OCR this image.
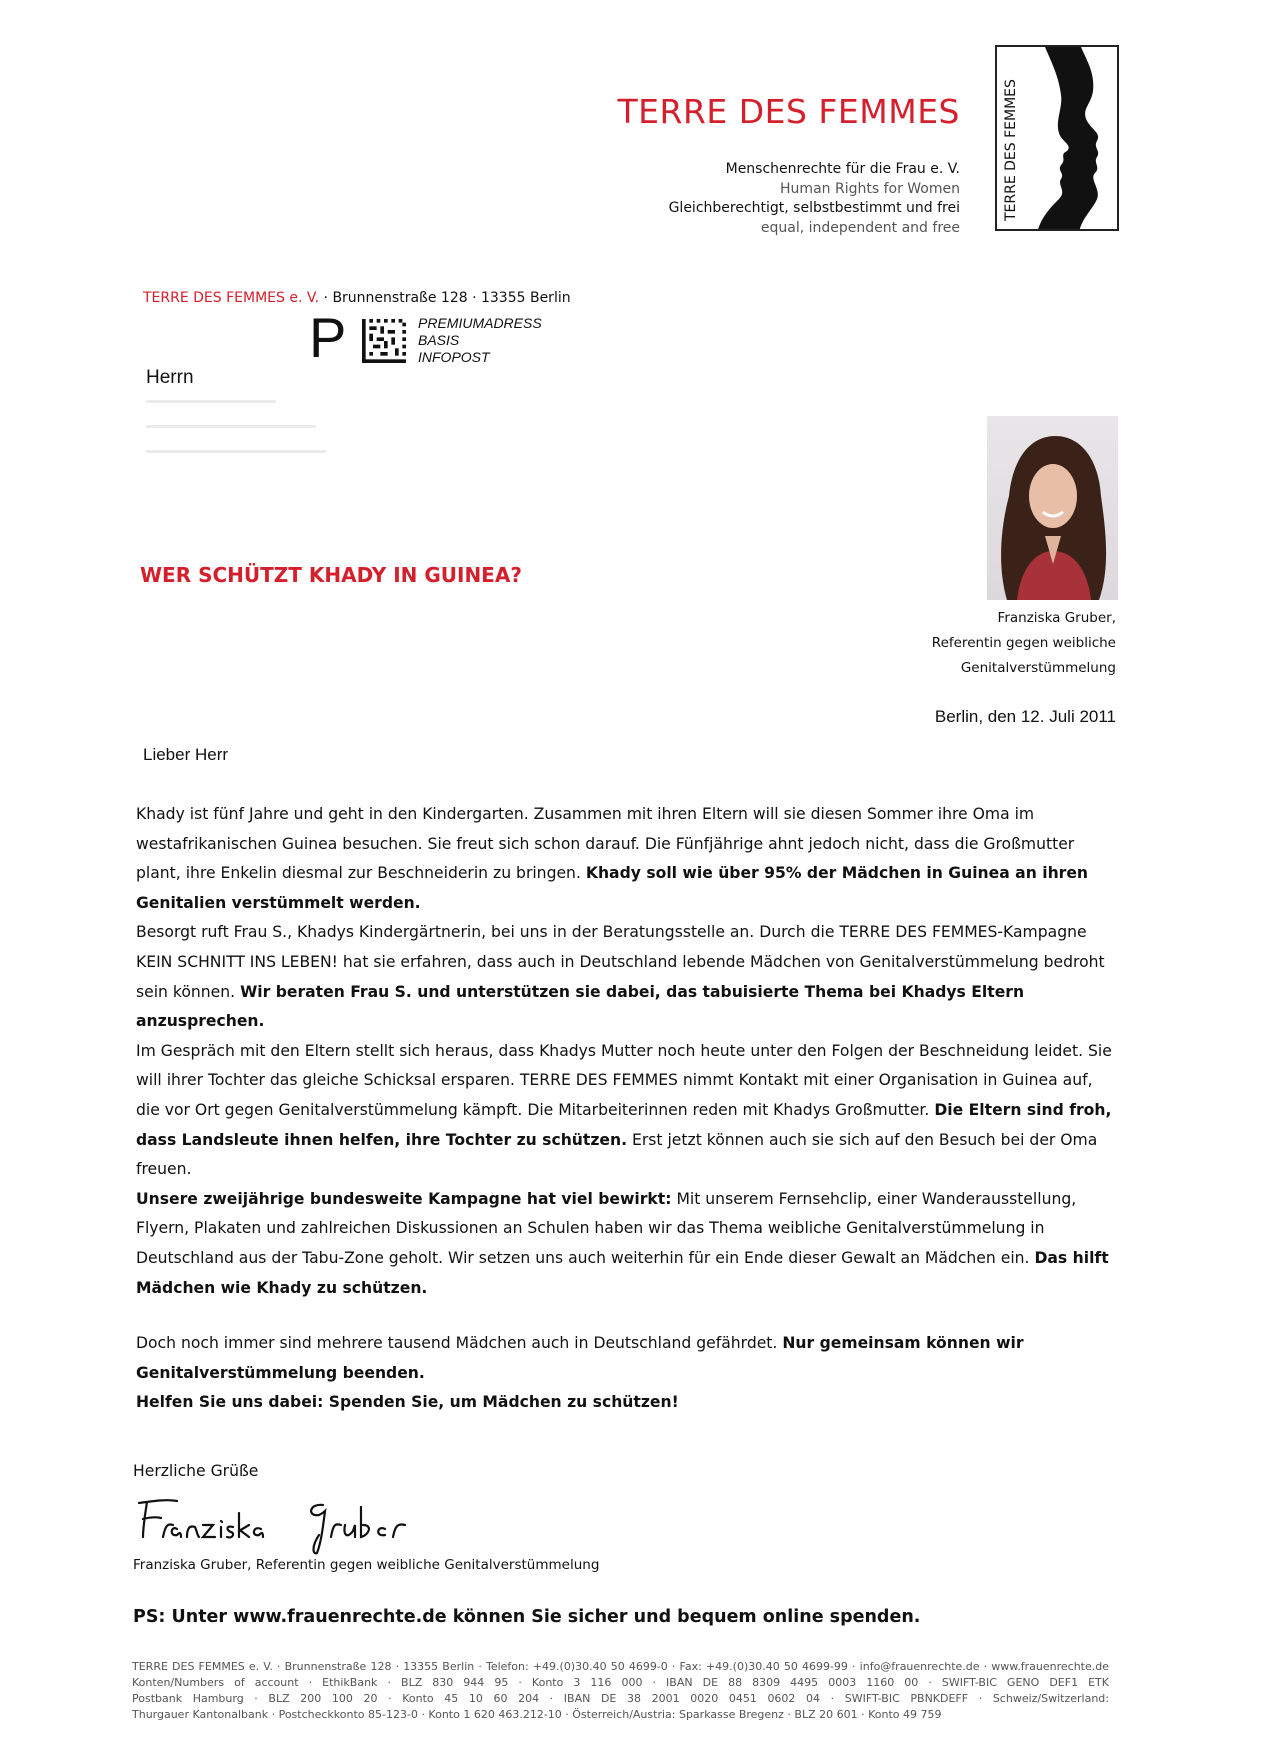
TERRE DES FEMMES
Menschenrechte für die Frau e. V.
Human Rights for Women
Gleichberechtigt, selbstbestimmt und frei
equal, independent and free
TERRE DES FEMMES
TERRE DES FEMMES e. V. · Brunnenstraße 128 · 13355 Berlin
P	PREMIUMADRESS
BASIS
INFOPOST
Herrn
Franziska Gruber,
Referentin gegen weibliche
Genitalverstümmelung
WER SCHÜTZT KHADY IN GUINEA?
Berlin, den 12. Juli 2011
Lieber Herr

Khady ist fünf Jahre und geht in den Kindergarten. Zusammen mit ihren Eltern will sie diesen Sommer ihre Oma im westafrikanischen Guinea besuchen. Sie freut sich schon darauf. Die Fünfjährige ahnt jedoch nicht, dass die Großmutter plant, ihre Enkelin diesmal zur Beschneiderin zu bringen. Khady soll wie über 95% der Mädchen in Guinea an ihren Genitalien verstümmelt werden.

Besorgt ruft Frau S., Khadys Kindergärtnerin, bei uns in der Beratungsstelle an. Durch die TERRE DES FEMMES-Kampagne KEIN SCHNITT INS LEBEN! hat sie erfahren, dass auch in Deutschland lebende Mädchen von Genitalverstümmelung bedroht sein können. Wir beraten Frau S. und unterstützen sie dabei, das tabuisierte Thema bei Khadys Eltern anzusprechen.

Im Gespräch mit den Eltern stellt sich heraus, dass Khadys Mutter noch heute unter den Folgen der Beschneidung leidet. Sie will ihrer Tochter das gleiche Schicksal ersparen. TERRE DES FEMMES nimmt Kontakt mit einer Organisation in Guinea auf, die vor Ort gegen Genitalverstümmelung kämpft. Die Mitarbeiterinnen reden mit Khadys Großmutter. Die Eltern sind froh, dass Landsleute ihnen helfen, ihre Tochter zu schützen. Erst jetzt können auch sie sich auf den Besuch bei der Oma freuen.

Unsere zweijährige bundesweite Kampagne hat viel bewirkt: Mit unserem Fernsehclip, einer Wanderausstellung, Flyern, Plakaten und zahlreichen Diskussionen an Schulen haben wir das Thema weibliche Genitalverstümmelung in Deutschland aus der Tabu-Zone geholt. Wir setzen uns auch weiterhin für ein Ende dieser Gewalt an Mädchen ein. Das hilft Mädchen wie Khady zu schützen.

Doch noch immer sind mehrere tausend Mädchen auch in Deutschland gefährdet. Nur gemeinsam können wir Genitalverstümmelung beenden.

Helfen Sie uns dabei: Spenden Sie, um Mädchen zu schützen!

Herzliche Grüße
Franziska Gruber, Referentin gegen weibliche Genitalverstümmelung
PS: Unter www.frauenrechte.de können Sie sicher und bequem online spenden.
TERRE DES FEMMES e. V. · Brunnenstraße 128 · 13355 Berlin · Telefon: +49.(0)30.40 50 4699-0 · Fax: +49.(0)30.40 50 4699-99 · info@frauenrechte.de · www.frauenrechte.de
Konten/Numbers of account · EthikBank · BLZ 830 944 95 · Konto 3 116 000 · IBAN DE 88 8309 4495 0003 1160 00 · SWIFT-BIC GENO DEF1 ETK
Postbank Hamburg · BLZ 200 100 20 · Konto 45 10 60 204 · IBAN DE 38 2001 0020 0451 0602 04 · SWIFT-BIC PBNKDEFF · Schweiz/Switzerland:
Thurgauer Kantonalbank · Postcheckkonto 85-123-0 · Konto 1 620 463.212-10 · Österreich/Austria: Sparkasse Bregenz · BLZ 20 601 · Konto 49 759
